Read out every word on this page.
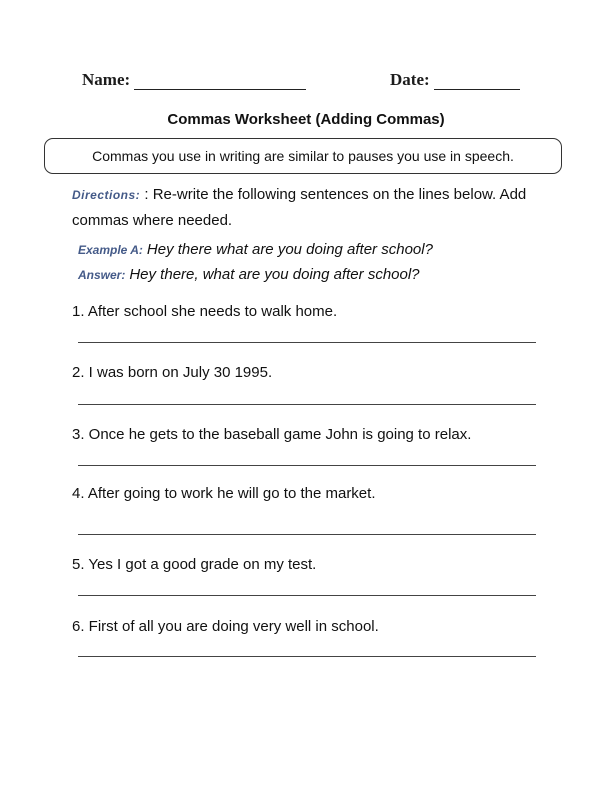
Name:	Date:
Commas Worksheet (Adding Commas)
Commas you use in writing are similar to pauses you use in speech.
Directions: : Re-write the following sentences on the lines below. Add commas where needed.
Example A: Hey there what are you doing after school?
Answer: Hey there, what are you doing after school?
1. After school she needs to walk home.
2. I was born on July 30 1995.
3. Once he gets to the baseball game John is going to relax.
4. After going to work he will go to the market.
5. Yes I got a good grade on my test.
6. First of all you are doing very well in school.
